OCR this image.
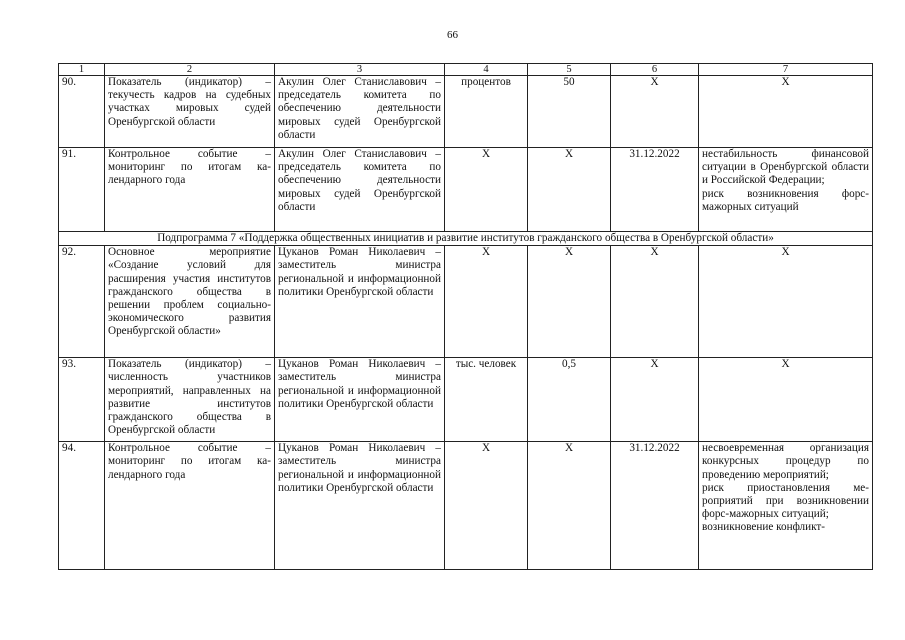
66
1	2	3	4	5	6	7
90.	Показатель (индикатор) – текучесть кадров на судебных участках мировых судей Оренбургской области	Акулин Олег Станиславович – председатель комитета по обеспечению деятельности мировых судей Оренбургской области	процентов	50	X	X
91.	Контрольное событие – мониторинг по итогам календарного года	Акулин Олег Станиславович – председатель комитета по обеспечению деятельности мировых судей Оренбургской области	X	X	31.12.2022	нестабильность финансовой ситуации в Оренбургской области и Российской Федерации;
риск возникновения форс-мажорных ситуаций
Подпрограмма 7 «Поддержка общественных инициатив и развитие институтов гражданского общества в Оренбургской области»						
92.	Основное мероприятие «Создание условий для расширения участия институтов гражданского общества в решении проблем социально-экономического развития Оренбургской области»	Цуканов Роман Николаевич – заместитель министра региональной и информационной политики Оренбургской области	X	X	X	X
93.	Показатель (индикатор) – численность участников мероприятий, направленных на развитие институтов гражданского общества в Оренбургской области	Цуканов Роман Николаевич – заместитель министра региональной и информационной политики Оренбургской области	тыс. человек	0,5	X	X
94.	Контрольное событие – мониторинг по итогам календарного года	Цуканов Роман Николаевич – заместитель министра региональной и информационной политики Оренбургской области	X	X	31.12.2022	несвоевременная организация конкурсных процедур по проведению мероприятий;
риск приостановления мероприятий при возникновении форс-мажорных ситуаций;
возникновение конфликт-
